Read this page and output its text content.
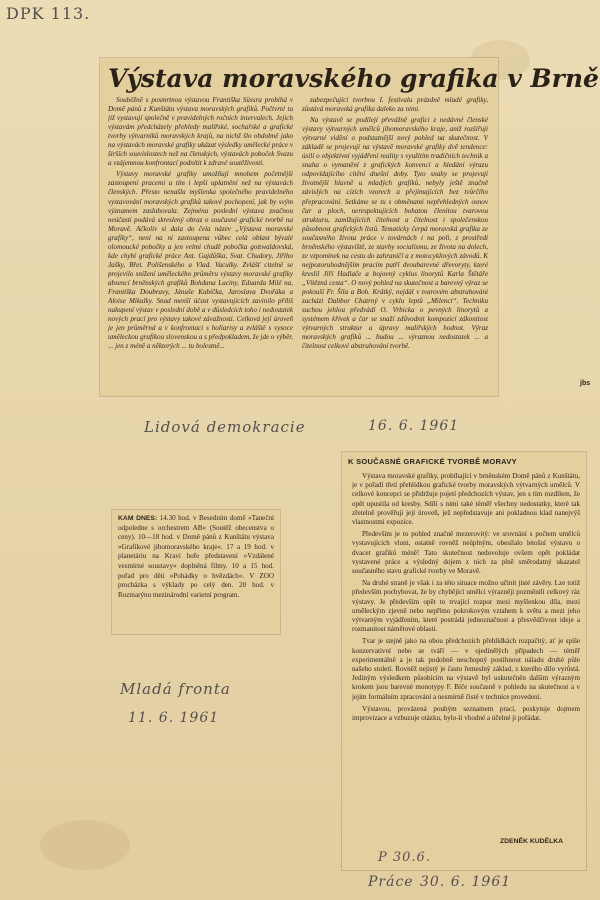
DPK 113.
Výstava moravského grafika v Brně

Souběžně s posmrtnou výstavou Františka Süssra probíhá v Domě pánů z Kunštátu výstava moravských grafiků. Počtvrté tu již vystavují společně v pravidelných ročních intervalech. Jejich výstavám předcházely přehledy malířské, sochařské a grafické tvorby výtvarníků moravských krajů, na nichž šlo obdobně jako na výstavách moravské grafiky ukázat výsledky umělecké práce v širších souvislostech než na členských, výstavách poboček Svazu a vzájemnou konfrontací podnítit k zdravé soutěživosti.

Výstavy moravské grafiky umožňují mnohem početnější zastoupení pracemi a tím i lepší uplatnění než na výstavách členských. Přesto nenašla myšlenka společného pravidelného vystavování moravských grafiků takové pochopení, jak by svým významem zasluhovala. Zejména poslední výstava značnou neúčastí podává skreslený obraz o současné grafické tvorbě na Moravě. Ačkoliv si dala do čela název „Výstava moravské grafiky“, není na ní zastoupena vůbec celá oblast bývalé olomoucké pobočky a jen velmi chudě pobočka gottwaldovská, kde chybí grafické práce Ant. Gajdůška, Svat. Chudory, Jiřího Jašky, Břet. Polišenského a Vlad. Vaculky. Zvlášť citelně se projevilo snížení uměleckého průměru výstavy moravské grafiky absencí brněnských grafiků Bohdana Laciny, Eduarda Milé na, Františka Doubravy, Jánuše Kubíčka, Jaroslava Dvořáka a Aloise Mikulky. Snad menší účast vystavujících zavinilo příliš nakupení výstav v poslední době a v důsledcích toho i nedostatek nových prací pro výstavy takové závažnosti. Celková její úroveň je jen průměrná a v konfrontaci s holiarisy a zvláště s vysoce uměleckou grafikou slovenskou a s předpokladem, že jde o výběr, ... jen z méně a některých ... tu bolestně...

zabezpečující tvorbou I. festivalu prázdně mladé grafiky, zůstává moravská grafika daleko za nimi.

Na výstavě se podílejí převážně grafici z nedávné členské výstavy výtvarných umělců jihomoravského kraje, aniž rozšiřují výtvarné vidění o podstatnější nový pohled na skutečnost. V základě se projevují na výstavě moravské grafiky dvě tendence: úsilí o objektivní vyjádření reality s využitím tradičních technik a snaha o vymanění z grafických konvencí a hledání výrazu odpovídajícího citění dnešní doby. Tyto snahy se projevují životnější hlavně u mladých grafiků, nebyly ještě značně závislých na cizích vzorech a přejímajících bez tvůrčího přepracování. Setkáme se tu s obměnami nepřehledných osnov čar a ploch, nerespektujících bohatou členitou tvarovou strukturu, zamlžujících čitelnost a čitelnost i společenskou působnost grafických listů. Tematicky čerpá moravská grafika ze současného života práce v továrnách i na poli, z prostředí brněnského výstaviště, ze stavby socialismu, ze života na dolech, ze vzpomínek na cestu do zahraničí a z motocyklových závodů. K nejpozoruhodnějším pracím patří dvoubarevné dřevoryty, které kreslil Jiří Hadlače a bojovný cyklus linorytů Karla Štětáře „Vítězná cesta“. O nový pohled na skutečnost a barevný výraz se pokouší Fr. Šíla a Boh. Krátký, nejdál v tvarovém abstrahování zacházi Dalibor Chatrný v cyklu leptů „Milenci“. Techniku suchou jehlou předvádí O. Vrbicka o pevných linorytů a systémem křivek a čar se snaží zdůvodnit kompozicí zákonitost výtvarných struktur a úpravy malířských hodnot. Výraz moravských grafiků ... budou ... výraznou nedostatek ... a čitelnost celkové abstrahování tvorbě.

jbs
Lidová demokracie	16. 6. 1961
K SOUČASNÉ GRAFICKÉ TVORBĚ MORAVY

Výstava moravské grafiky, probíhající v brněnském Domě pánů z Kunštátu, je v pořadí třetí přehlídkou grafické tvorby moravských výtvarných umělců. V celkové koncepci se přidržuje pojetí předchozích výstav, jen s tím rozdílem, že opět upustila od kresby. Sdílí s nimi také téměř všechny nedostatky, které tak zřetelně prověřují její úroveň, jež nepředstavuje ani pokladnou klad nanejvýš vlastnostmi expozice.

Především je to pohled značně mezerovitý: ve srovnání s počtem umělců vystavujících vloni, ostatně rovněž neúplným, obesílalo letošní výstavu o dvacet grafiků méně! Tato skutečnost nedovoluje ovšem opět pokládat vystavené práce a výsledný dojem z nich za plně směrodatný ukazatel současného stavu grafické tvorby ve Moravě.

Na druhé straně je však i za této situace možno učinit jisté závěry. Lze totiž především pochybovat, že by chybějící umělci výrazněji pozměnili celkový ráz výstavy. Je především opět to trvající rozpor mezi myšlenkou díla, mezi uměleckým zjevně nebo nepřímo pokrokovým vztahem k světu a mezi jeho výtvarným vyjádřením, které postrádá jednoznačnost a přesvědčivost ideje a rozmanitost námětové oblasti.

Tvar je stejně jako na obou předchozích přehlídkách rozpačitý, ať je spíše konzervativní nebo se tváří — v ojedinělých případech — téměř experimentálně a je tak podobně neschopný postihnout náladu druhé půle našeho století. Rovněž nejistý je často řemeslný základ, z kterého dílo vyrůstá. Jediným výsledkem působícím na výstavě byl uskutečněn dalším výrazným krokem jsou barevné monotypy F. Bíče současně v pohledu na skutečnost a v jejím formálním zpracování a nesmírně čisté v technice provedení.

Výstavou, provázená pouhým seznamem prací, poskytuje dojmem improvizace a vzbuzuje otázku, bylo-li vhodné a účelné ji pořádat.

ZDENĚK KUDĚLKA
P 30.6.
Práce 30. 6. 1961
KAM DNES: 14.30 hod. v Besedním domě »Taneční odpoledne s orchestrem AB« (Soutěž obecenstva o ceny). 10—18 hod. v Domě pánů z Kunštátu výstava »Grafikové jihomoravského kraje«. 17 a 19 hod. v planetáriu na Kravi hoře představení »Vzdálené vesmírné soustavy« doplněná filmy. 10 a 15 hod. pořad pro děti »Pohádky o hvězdách«. V ZOO procházka s výklady po celý den. 20 hod. v Rozmarýnu mezinárodní varietní program.
Mladá fronta
11. 6. 1961
